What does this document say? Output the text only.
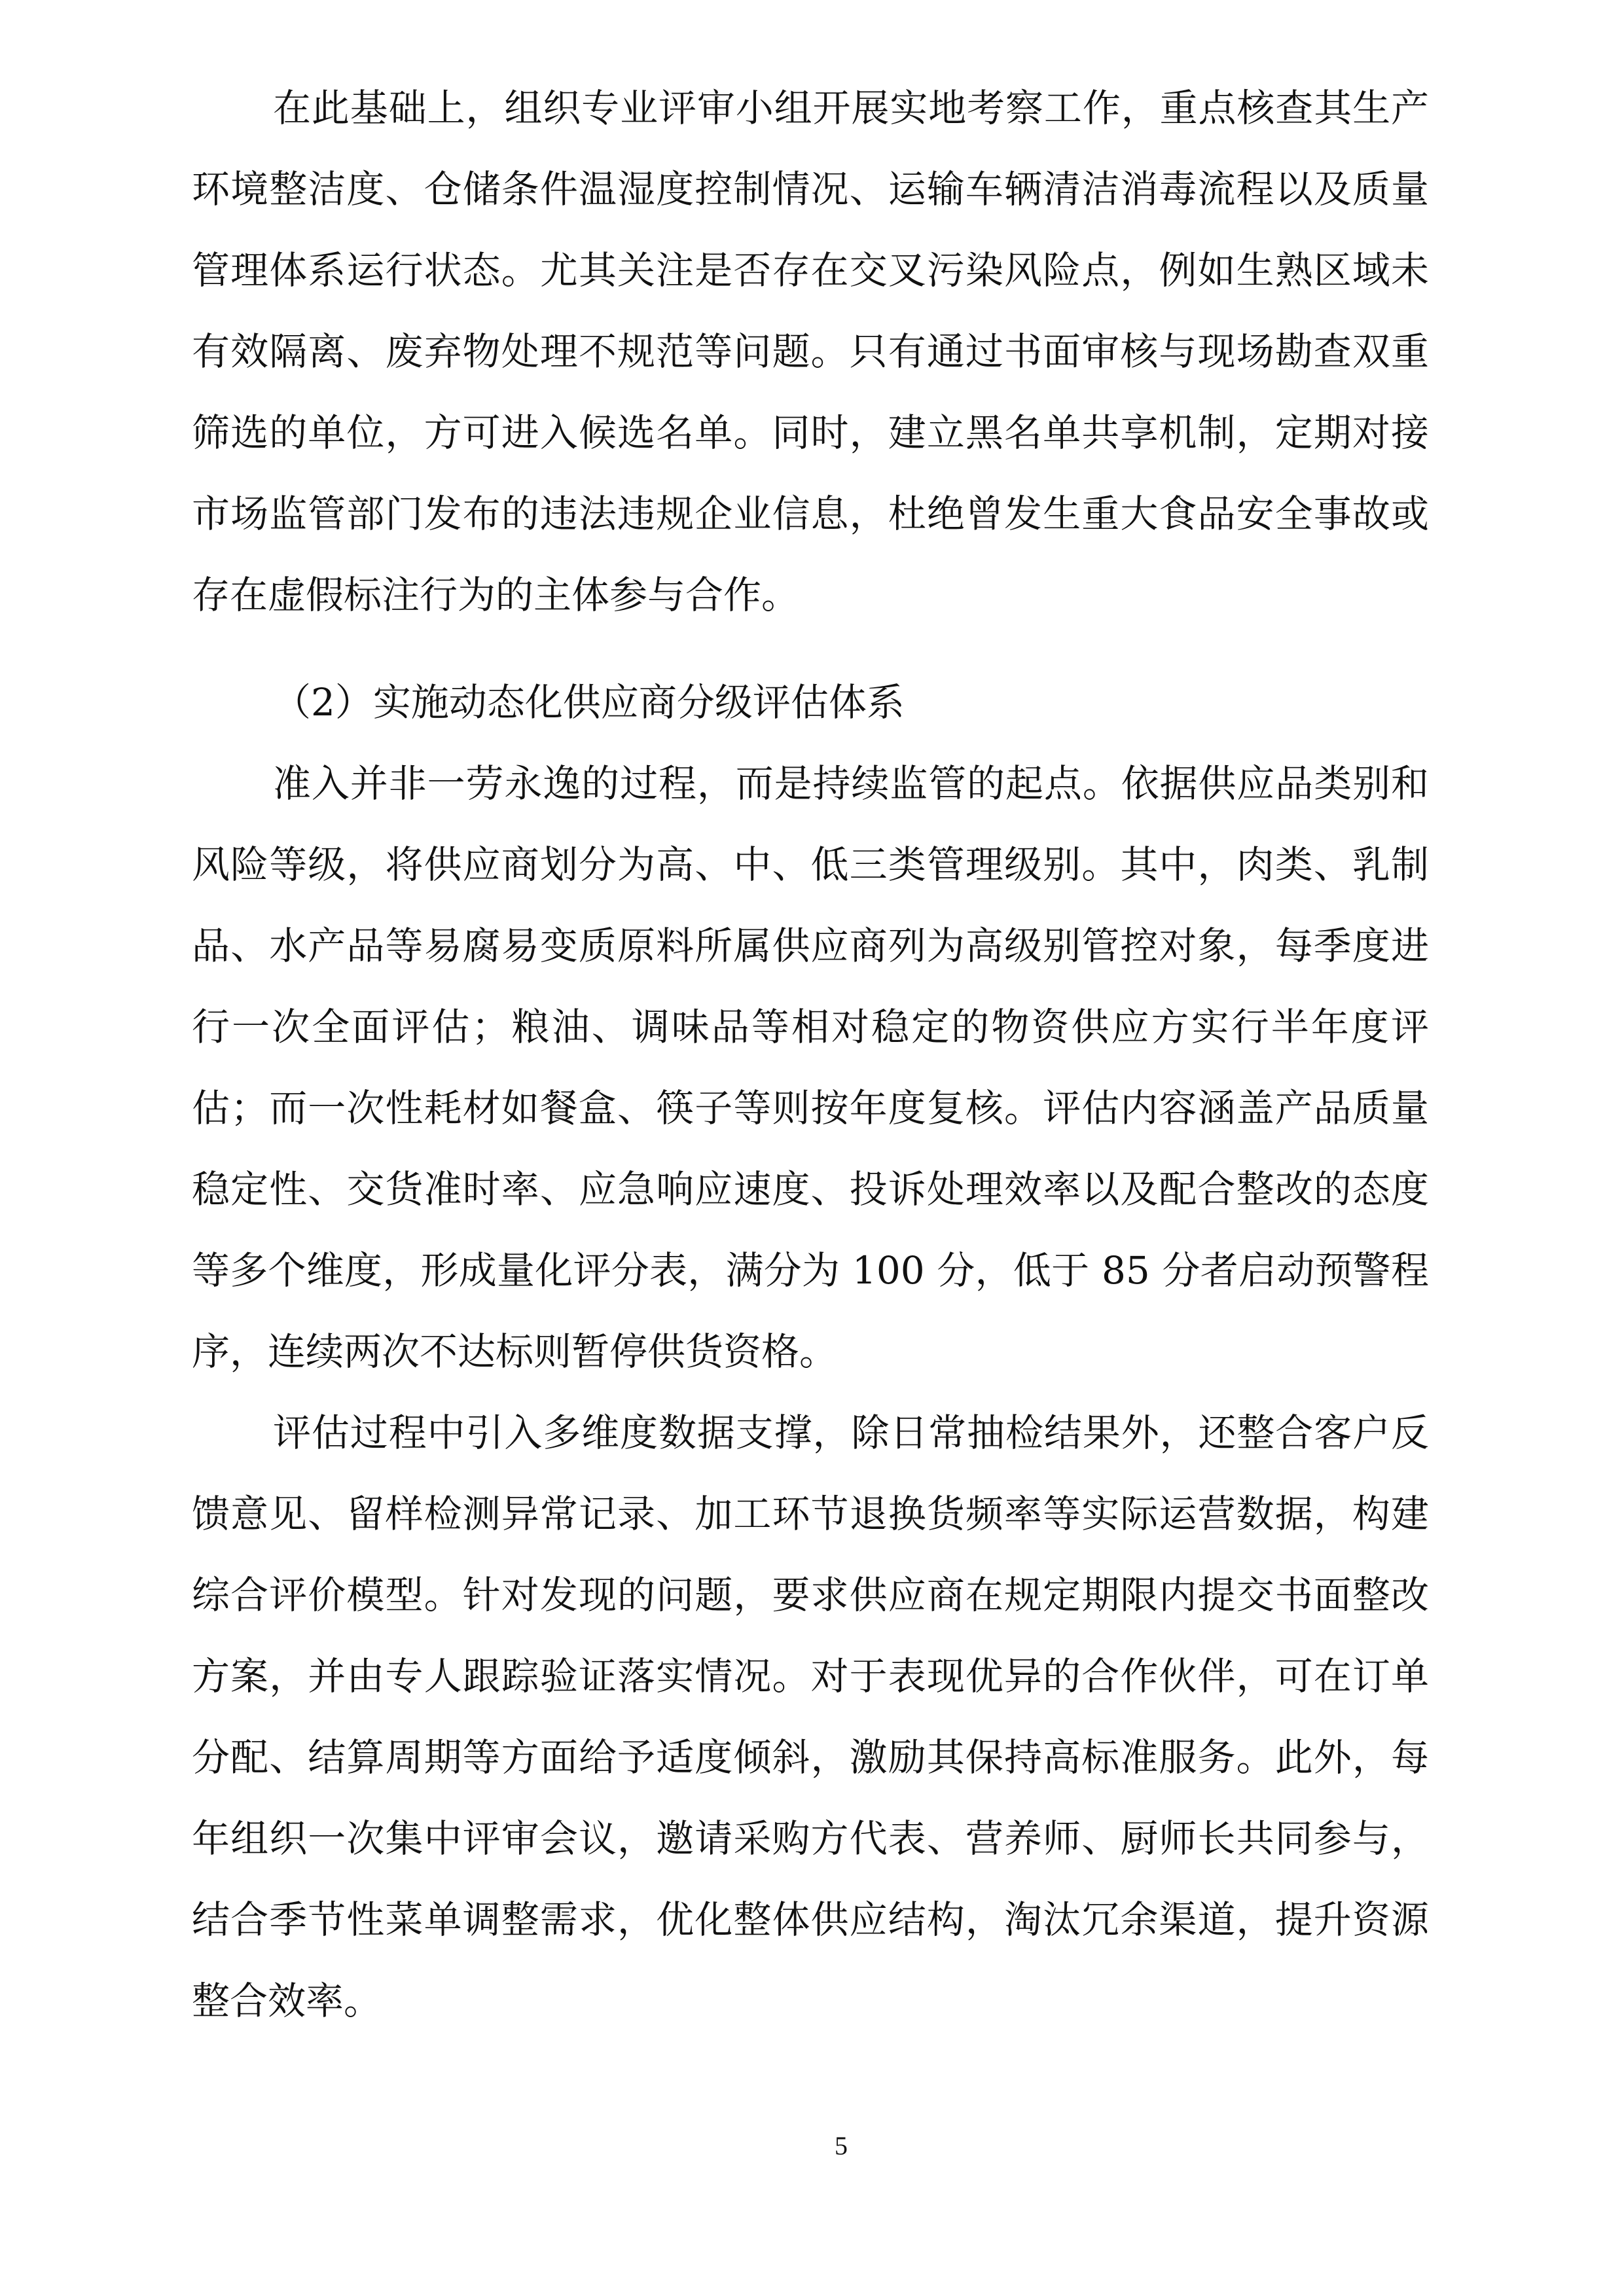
在此基础上，组织专业评审小组开展实地考察工作，重点核查其生产
环境整洁度、仓储条件温湿度控制情况、运输车辆清洁消毒流程以及质量
管理体系运行状态。尤其关注是否存在交叉污染风险点，例如生熟区域未
有效隔离、废弃物处理不规范等问题。只有通过书面审核与现场勘查双重
筛选的单位，方可进入候选名单。同时，建立黑名单共享机制，定期对接
市场监管部门发布的违法违规企业信息，杜绝曾发生重大食品安全事故或
存在虚假标注行为的主体参与合作。
（2）实施动态化供应商分级评估体系
准入并非一劳永逸的过程，而是持续监管的起点。依据供应品类别和
风险等级，将供应商划分为高、中、低三类管理级别。其中，肉类、乳制
品、水产品等易腐易变质原料所属供应商列为高级别管控对象，每季度进
行一次全面评估；粮油、调味品等相对稳定的物资供应方实行半年度评
估；而一次性耗材如餐盒、筷子等则按年度复核。评估内容涵盖产品质量
稳定性、交货准时率、应急响应速度、投诉处理效率以及配合整改的态度
等多个维度，形成量化评分表，满分为 100 分，低于 85 分者启动预警程
序，连续两次不达标则暂停供货资格。
评估过程中引入多维度数据支撑，除日常抽检结果外，还整合客户反
馈意见、留样检测异常记录、加工环节退换货频率等实际运营数据，构建
综合评价模型。针对发现的问题，要求供应商在规定期限内提交书面整改
方案，并由专人跟踪验证落实情况。对于表现优异的合作伙伴，可在订单
分配、结算周期等方面给予适度倾斜，激励其保持高标准服务。此外，每
年组织一次集中评审会议，邀请采购方代表、营养师、厨师长共同参与，
结合季节性菜单调整需求，优化整体供应结构，淘汰冗余渠道，提升资源
整合效率。
5
